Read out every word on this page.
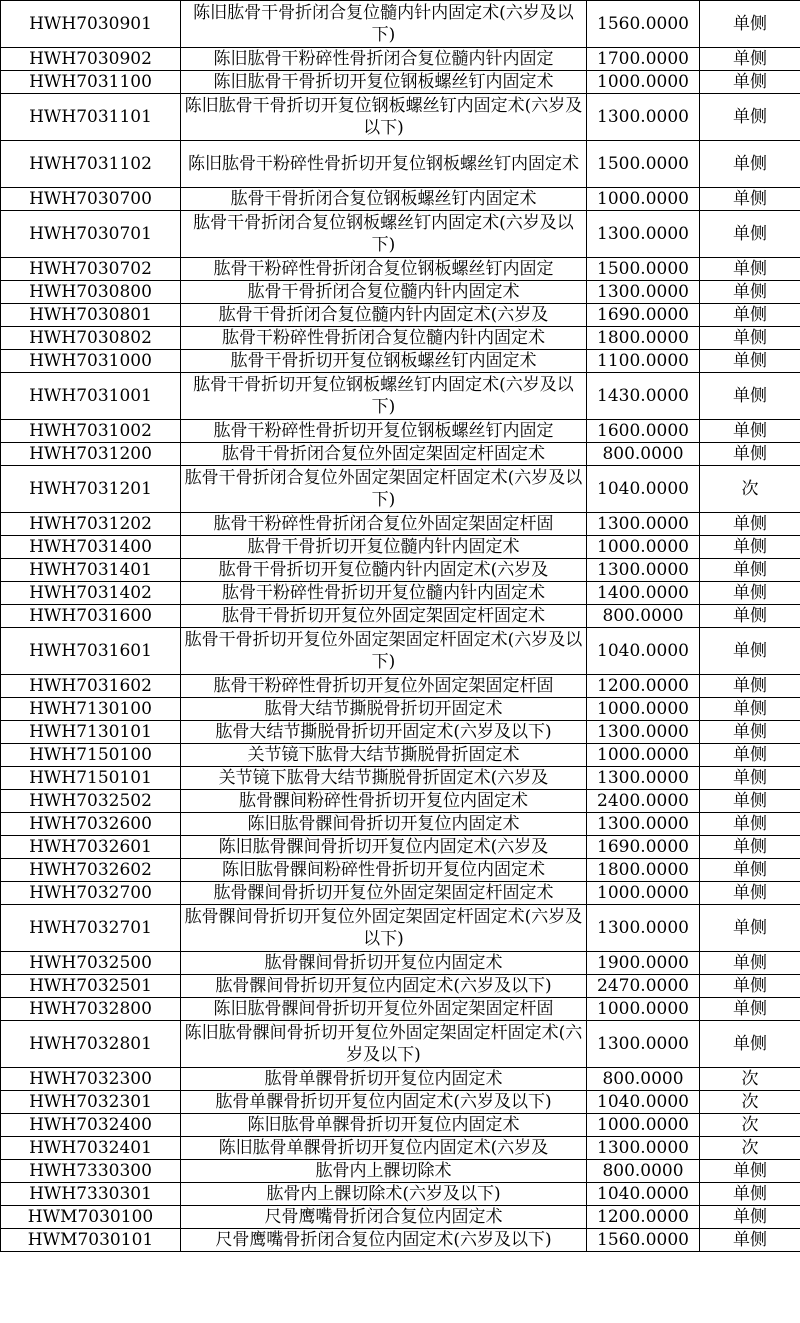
HWH7030901	陈旧肱骨干骨折闭合复位髓内针内固定术(六岁及以下)	1560.0000	单侧
HWH7030902	陈旧肱骨干粉碎性骨折闭合复位髓内针内固定	1700.0000	单侧
HWH7031100	陈旧肱骨干骨折切开复位钢板螺丝钉内固定术	1000.0000	单侧
HWH7031101	陈旧肱骨干骨折切开复位钢板螺丝钉内固定术(六岁及以下)	1300.0000	单侧
HWH7031102	陈旧肱骨干粉碎性骨折切开复位钢板螺丝钉内固定术	1500.0000	单侧
HWH7030700	肱骨干骨折闭合复位钢板螺丝钉内固定术	1000.0000	单侧
HWH7030701	肱骨干骨折闭合复位钢板螺丝钉内固定术(六岁及以下)	1300.0000	单侧
HWH7030702	肱骨干粉碎性骨折闭合复位钢板螺丝钉内固定	1500.0000	单侧
HWH7030800	肱骨干骨折闭合复位髓内针内固定术	1300.0000	单侧
HWH7030801	肱骨干骨折闭合复位髓内针内固定术(六岁及	1690.0000	单侧
HWH7030802	肱骨干粉碎性骨折闭合复位髓内针内固定术	1800.0000	单侧
HWH7031000	肱骨干骨折切开复位钢板螺丝钉内固定术	1100.0000	单侧
HWH7031001	肱骨干骨折切开复位钢板螺丝钉内固定术(六岁及以下)	1430.0000	单侧
HWH7031002	肱骨干粉碎性骨折切开复位钢板螺丝钉内固定	1600.0000	单侧
HWH7031200	肱骨干骨折闭合复位外固定架固定杆固定术	800.0000	单侧
HWH7031201	肱骨干骨折闭合复位外固定架固定杆固定术(六岁及以下)	1040.0000	次
HWH7031202	肱骨干粉碎性骨折闭合复位外固定架固定杆固	1300.0000	单侧
HWH7031400	肱骨干骨折切开复位髓内针内固定术	1000.0000	单侧
HWH7031401	肱骨干骨折切开复位髓内针内固定术(六岁及	1300.0000	单侧
HWH7031402	肱骨干粉碎性骨折切开复位髓内针内固定术	1400.0000	单侧
HWH7031600	肱骨干骨折切开复位外固定架固定杆固定术	800.0000	单侧
HWH7031601	肱骨干骨折切开复位外固定架固定杆固定术(六岁及以下)	1040.0000	单侧
HWH7031602	肱骨干粉碎性骨折切开复位外固定架固定杆固	1200.0000	单侧
HWH7130100	肱骨大结节撕脱骨折切开固定术	1000.0000	单侧
HWH7130101	肱骨大结节撕脱骨折切开固定术(六岁及以下)	1300.0000	单侧
HWH7150100	关节镜下肱骨大结节撕脱骨折固定术	1000.0000	单侧
HWH7150101	关节镜下肱骨大结节撕脱骨折固定术(六岁及	1300.0000	单侧
HWH7032502	肱骨髁间粉碎性骨折切开复位内固定术	2400.0000	单侧
HWH7032600	陈旧肱骨髁间骨折切开复位内固定术	1300.0000	单侧
HWH7032601	陈旧肱骨髁间骨折切开复位内固定术(六岁及	1690.0000	单侧
HWH7032602	陈旧肱骨髁间粉碎性骨折切开复位内固定术	1800.0000	单侧
HWH7032700	肱骨髁间骨折切开复位外固定架固定杆固定术	1000.0000	单侧
HWH7032701	肱骨髁间骨折切开复位外固定架固定杆固定术(六岁及以下)	1300.0000	单侧
HWH7032500	肱骨髁间骨折切开复位内固定术	1900.0000	单侧
HWH7032501	肱骨髁间骨折切开复位内固定术(六岁及以下)	2470.0000	单侧
HWH7032800	陈旧肱骨髁间骨折切开复位外固定架固定杆固	1000.0000	单侧
HWH7032801	陈旧肱骨髁间骨折切开复位外固定架固定杆固定术(六岁及以下)	1300.0000	单侧
HWH7032300	肱骨单髁骨折切开复位内固定术	800.0000	次
HWH7032301	肱骨单髁骨折切开复位内固定术(六岁及以下)	1040.0000	次
HWH7032400	陈旧肱骨单髁骨折切开复位内固定术	1000.0000	次
HWH7032401	陈旧肱骨单髁骨折切开复位内固定术(六岁及	1300.0000	次
HWH7330300	肱骨内上髁切除术	800.0000	单侧
HWH7330301	肱骨内上髁切除术(六岁及以下)	1040.0000	单侧
HWM7030100	尺骨鹰嘴骨折闭合复位内固定术	1200.0000	单侧
HWM7030101	尺骨鹰嘴骨折闭合复位内固定术(六岁及以下)	1560.0000	单侧
